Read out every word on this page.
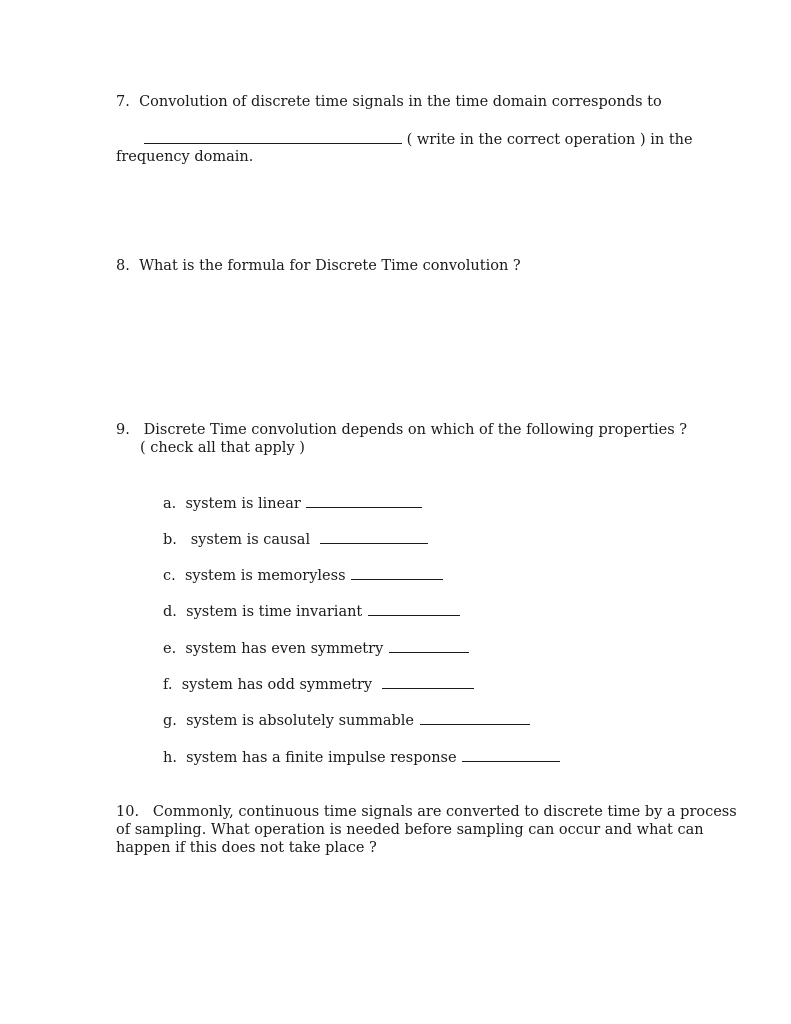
7. Convolution of discrete time signals in the time domain corresponds to
( write in the correct operation ) in the
frequency domain.
8. What is the formula for Discrete Time convolution ?
9. Discrete Time convolution depends on which of the following properties ?
( check all that apply )
a. system is linear
b. system is causal
c. system is memoryless
d. system is time invariant
e. system has even symmetry
f. system has odd symmetry
g. system is absolutely summable
h. system has a finite impulse response
10. Commonly, continuous time signals are converted to discrete time by a process
of sampling. What operation is needed before sampling can occur and what can
happen if this does not take place ?
